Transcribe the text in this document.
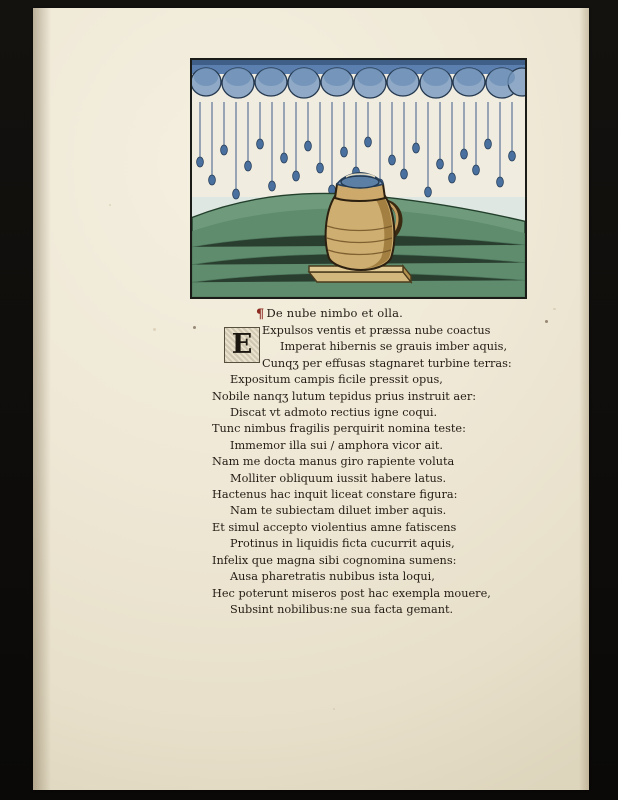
¶ De nube nimbo et olla.
E Expulsos ventis et præssa nube coactus
Imperat hibernis se grauis imber aquis,
Cunqʒ per effusas stagnaret turbine terras:
Expositum campis ficile pressit opus,
Nobile nanqʒ lutum tepidus prius instruit aer:
Discat vt admoto rectius igne coqui.
Tunc nimbus fragilis perquirit nomina teste:
Immemor illa sui / amphora vicor ait.
Nam me docta manus giro rapiente voluta
Molliter obliquum iussit habere latus.
Hactenus hac inquit liceat constare figura:
Nam te subiectam diluet imber aquis.
Et simul accepto violentius amne fatiscens
Protinus in liquidis ficta cucurrit aquis,
Infelix que magna sibi cognomina sumens:
Ausa pharetratis nubibus ista loqui,
Hec poterunt miseros post hac exempla mouere,
Subsint nobilibus:ne sua facta gemant.
